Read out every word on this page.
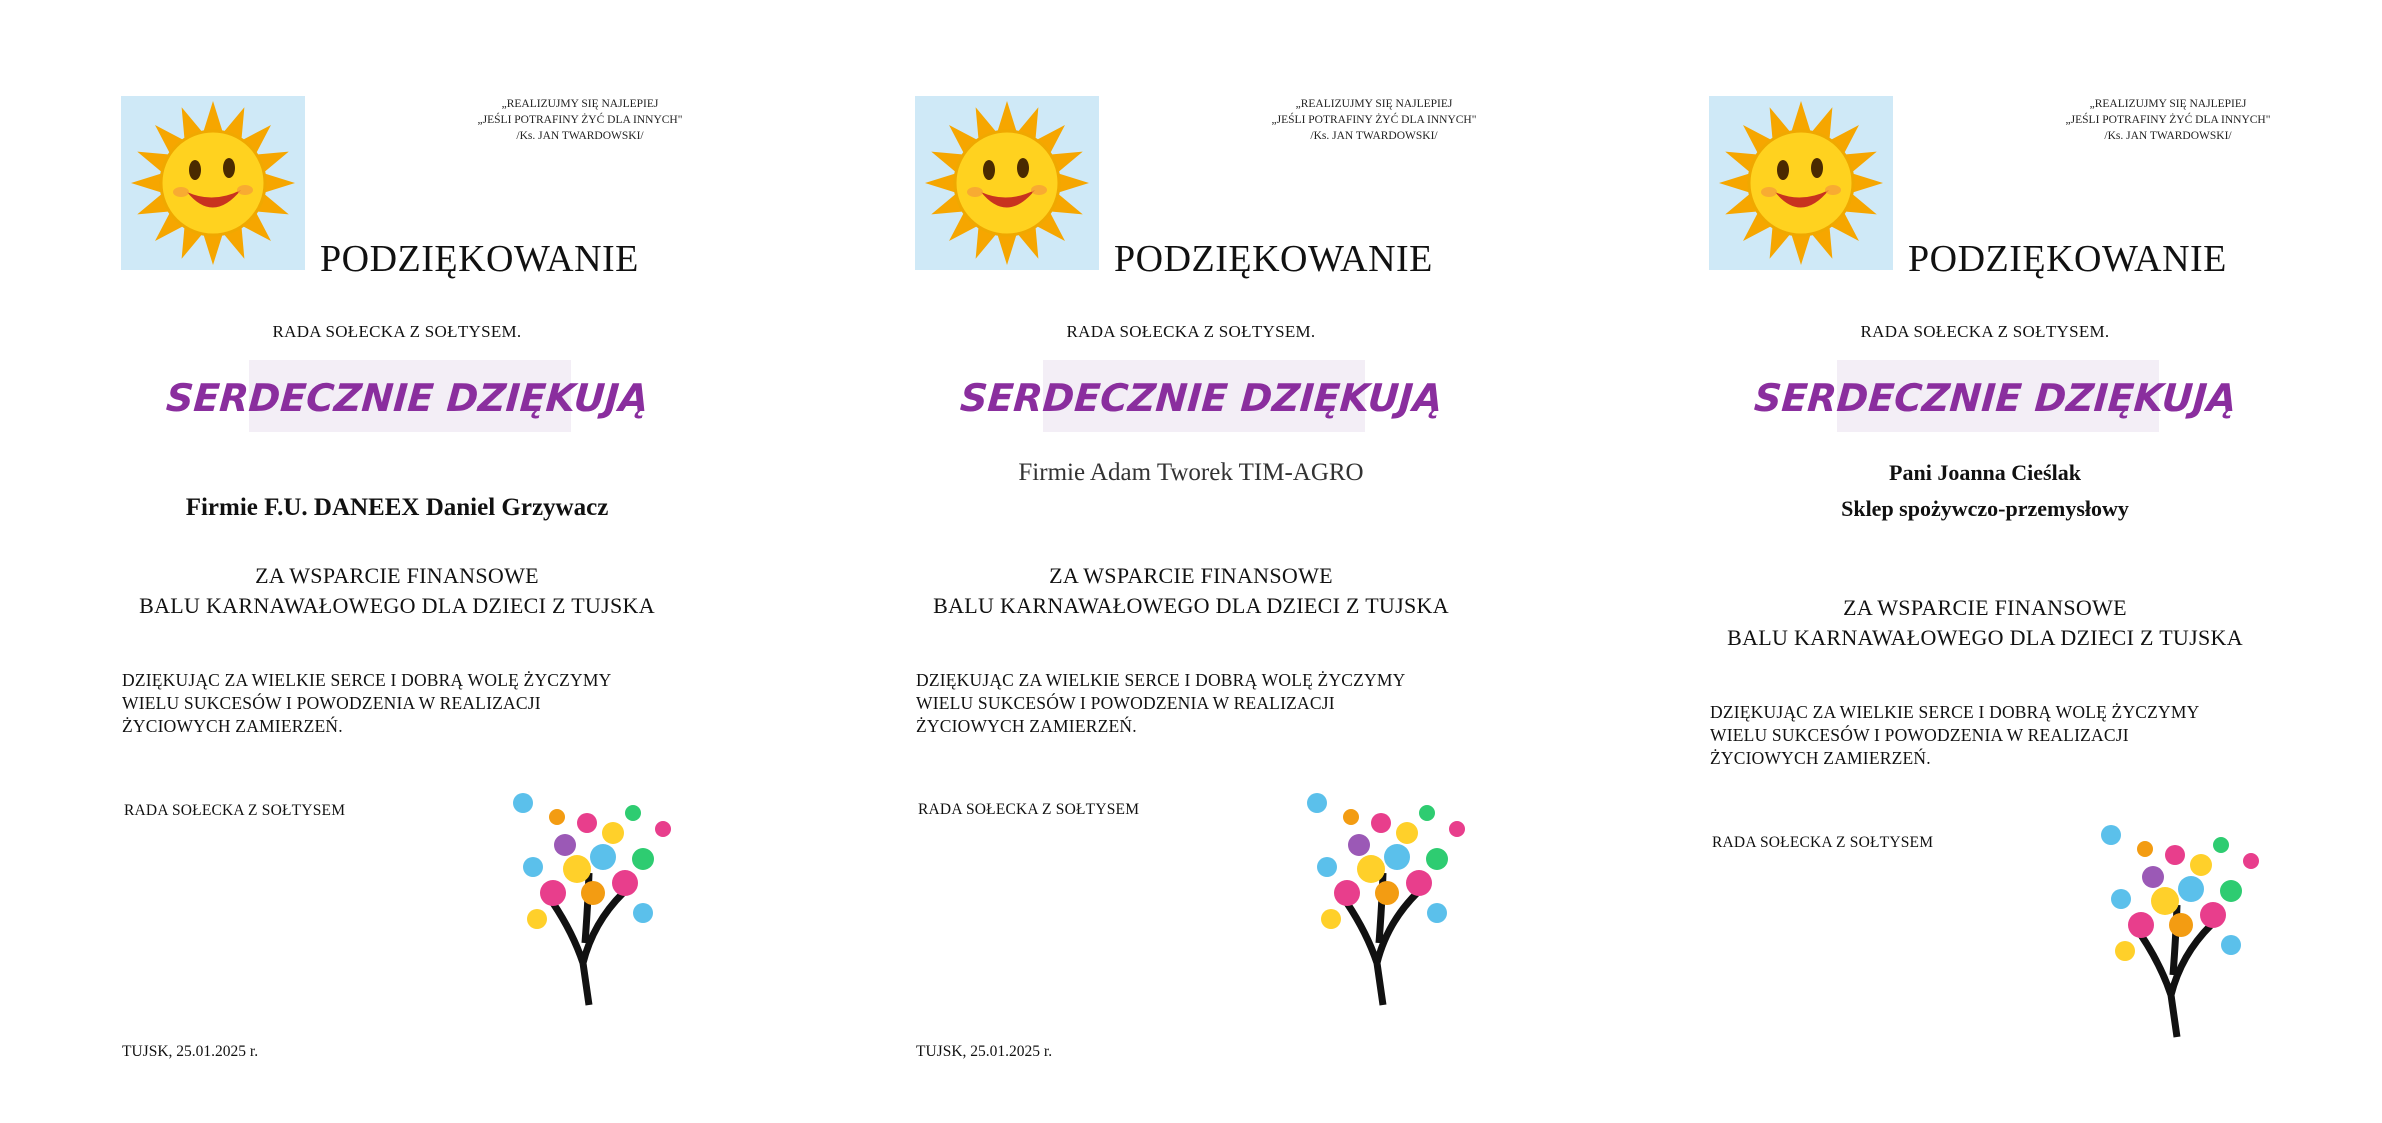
„REALIZUJMY SIĘ NAJLEPIEJ
„JEŚLI POTRAFINY ŻYĆ DLA INNYCH"
/Ks. JAN TWARDOWSKI/
PODZIĘKOWANIE
RADA SOŁECKA Z SOŁTYSEM.
SERDECZNIE DZIĘKUJĄ
Firmie F.U. DANEEX Daniel Grzywacz
ZA WSPARCIE FINANSOWE
BALU KARNAWAŁOWEGO DLA DZIECI Z TUJSKA
DZIĘKUJĄC ZA WIELKIE SERCE I DOBRĄ WOLĘ ŻYCZYMY
WIELU SUKCESÓW I POWODZENIA W REALIZACJI
ŻYCIOWYCH ZAMIERZEŃ.
RADA SOŁECKA Z SOŁTYSEM
TUJSK, 25.01.2025 r.
„REALIZUJMY SIĘ NAJLEPIEJ
„JEŚLI POTRAFINY ŻYĆ DLA INNYCH"
/Ks. JAN TWARDOWSKI/
PODZIĘKOWANIE
RADA SOŁECKA Z SOŁTYSEM.
SERDECZNIE DZIĘKUJĄ
Firmie Adam Tworek TIM-AGRO
ZA WSPARCIE FINANSOWE
BALU KARNAWAŁOWEGO DLA DZIECI Z TUJSKA
DZIĘKUJĄC ZA WIELKIE SERCE I DOBRĄ WOLĘ ŻYCZYMY
WIELU SUKCESÓW I POWODZENIA W REALIZACJI
ŻYCIOWYCH ZAMIERZEŃ.
RADA SOŁECKA Z SOŁTYSEM
TUJSK, 25.01.2025 r.
„REALIZUJMY SIĘ NAJLEPIEJ
„JEŚLI POTRAFINY ŻYĆ DLA INNYCH"
/Ks. JAN TWARDOWSKI/
PODZIĘKOWANIE
RADA SOŁECKA Z SOŁTYSEM.
SERDECZNIE DZIĘKUJĄ
Pani Joanna Cieślak
Sklep spożywczo-przemysłowy
ZA WSPARCIE FINANSOWE
BALU KARNAWAŁOWEGO DLA DZIECI Z TUJSKA
DZIĘKUJĄC ZA WIELKIE SERCE I DOBRĄ WOLĘ ŻYCZYMY
WIELU SUKCESÓW I POWODZENIA W REALIZACJI
ŻYCIOWYCH ZAMIERZEŃ.
RADA SOŁECKA Z SOŁTYSEM
